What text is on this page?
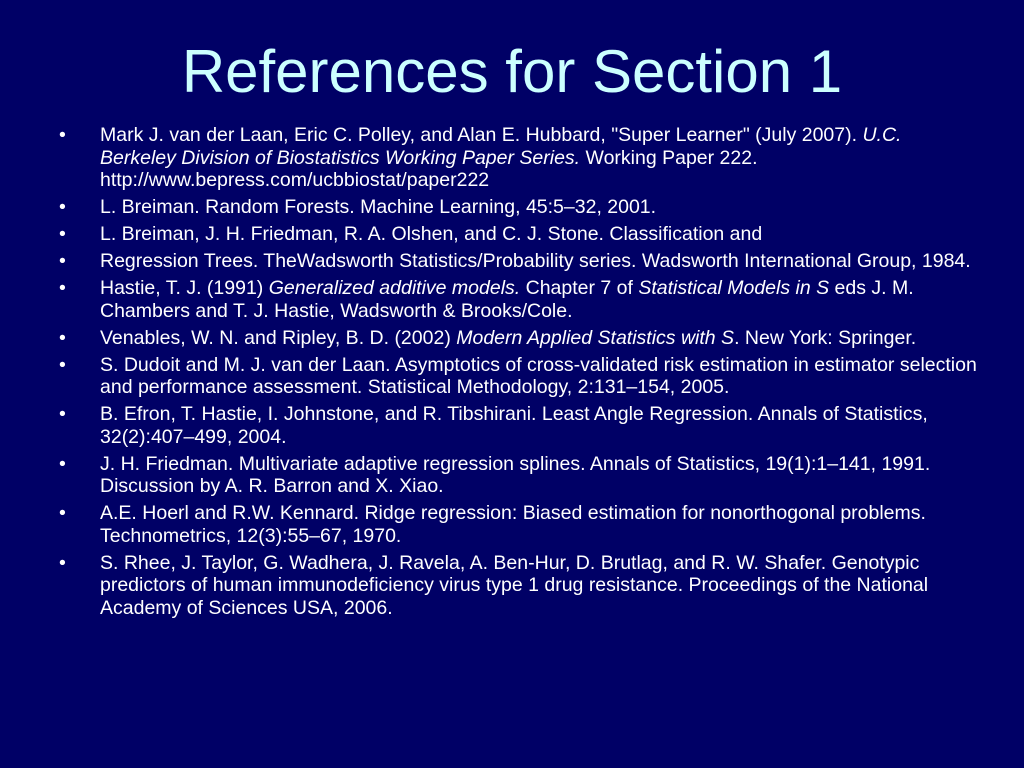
References for Section 1
• Mark J. van der Laan, Eric C. Polley, and Alan E. Hubbard, "Super Learner" (July 2007). U.C. Berkeley Division of Biostatistics Working Paper Series. Working Paper 222.
http://www.bepress.com/ucbbiostat/paper222
• L. Breiman. Random Forests. Machine Learning, 45:5–32, 2001.
• L. Breiman, J. H. Friedman, R. A. Olshen, and C. J. Stone. Classification and
• Regression Trees. TheWadsworth Statistics/Probability series. Wadsworth International Group, 1984.
• Hastie, T. J. (1991) Generalized additive models. Chapter 7 of Statistical Models in S eds J. M. Chambers and T. J. Hastie, Wadsworth & Brooks/Cole.
• Venables, W. N. and Ripley, B. D. (2002) Modern Applied Statistics with S. New York: Springer.
• S. Dudoit and M. J. van der Laan. Asymptotics of cross-validated risk estimation in estimator selection and performance assessment. Statistical Methodology, 2:131–154, 2005.
• B. Efron, T. Hastie, I. Johnstone, and R. Tibshirani. Least Angle Regression. Annals of Statistics, 32(2):407–499, 2004.
• J. H. Friedman. Multivariate adaptive regression splines. Annals of Statistics, 19(1):1–141, 1991. Discussion by A. R. Barron and X. Xiao.
• A.E. Hoerl and R.W. Kennard. Ridge regression: Biased estimation for nonorthogonal problems. Technometrics, 12(3):55–67, 1970.
• S. Rhee, J. Taylor, G. Wadhera, J. Ravela, A. Ben-Hur, D. Brutlag, and R. W. Shafer. Genotypic predictors of human immunodeficiency virus type 1 drug resistance. Proceedings of the National Academy of Sciences USA, 2006.
